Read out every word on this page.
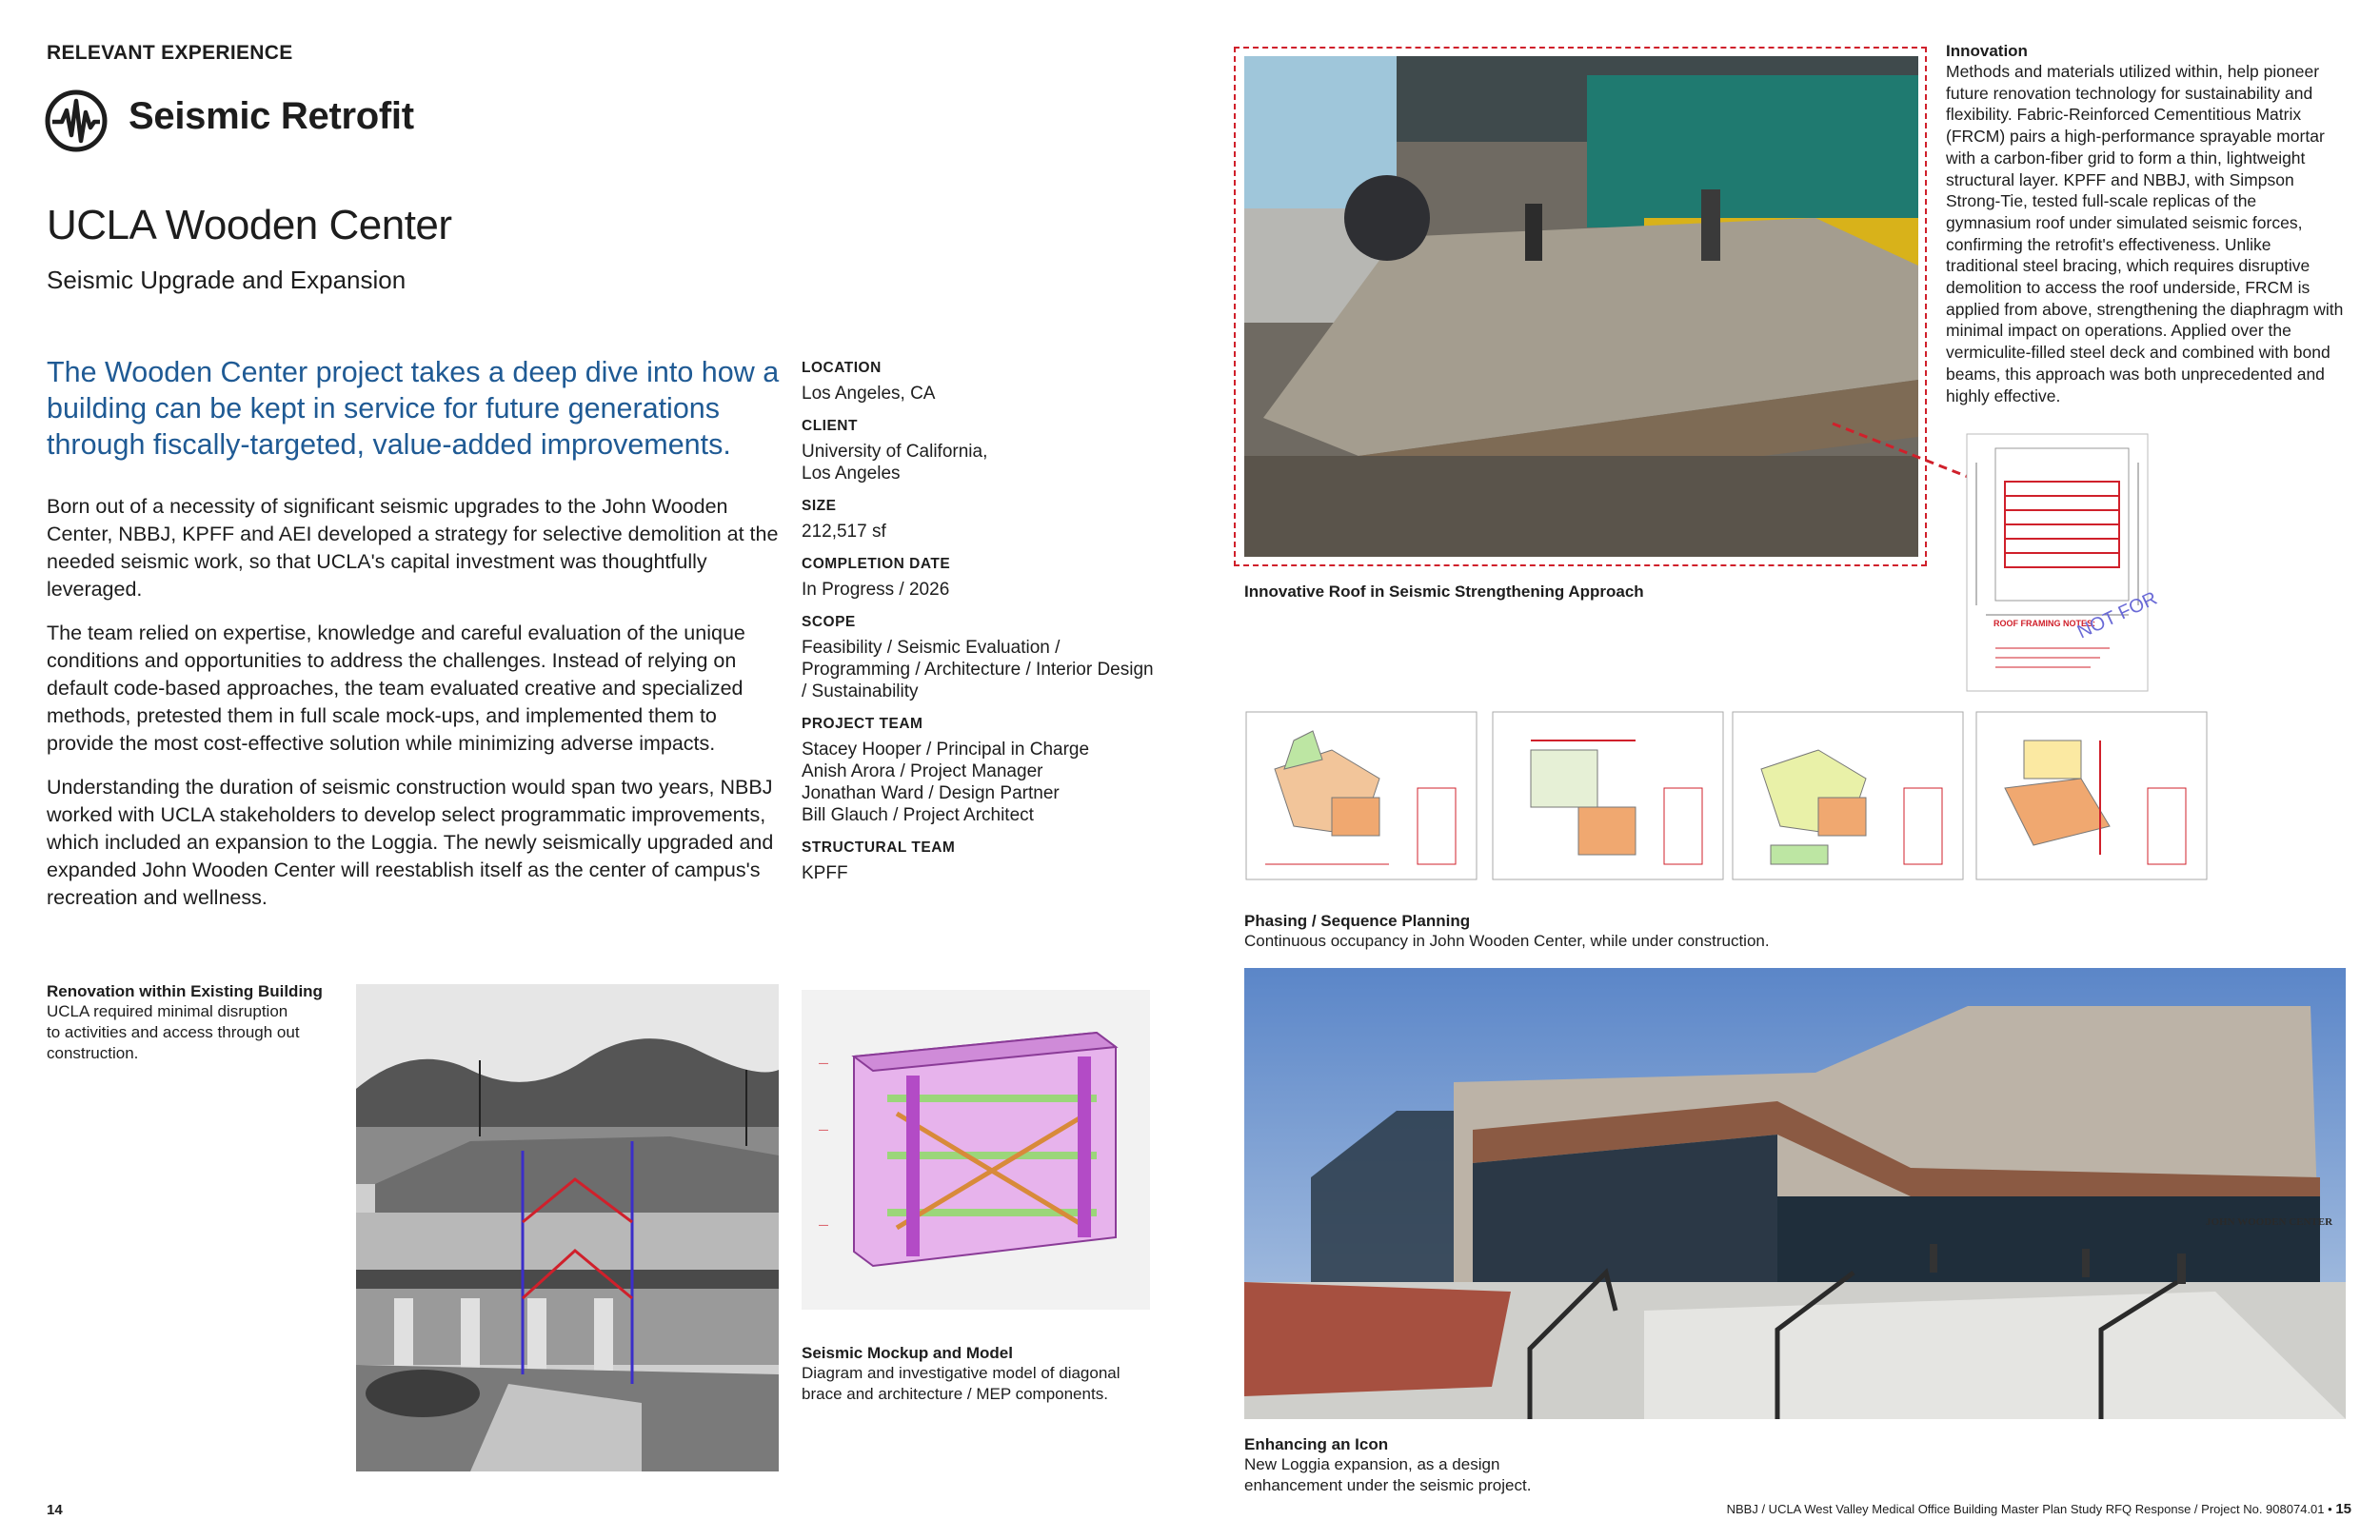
RELEVANT EXPERIENCE
Seismic Retrofit
UCLA Wooden Center
Seismic Upgrade and Expansion
The Wooden Center project takes a deep dive into how a building can be kept in service for future generations through fiscally-targeted, value-added improvements.

Born out of a necessity of significant seismic upgrades to the John Wooden Center, NBBJ, KPFF and AEI developed a strategy for selective demolition at the needed seismic work, so that UCLA's capital investment was thoughtfully leveraged.

The team relied on expertise, knowledge and careful evaluation of the unique conditions and opportunities to address the challenges. Instead of relying on default code-based approaches, the team evaluated creative and specialized methods, pretested them in full scale mock-ups, and implemented them to provide the most cost-effective solution while minimizing adverse impacts.

Understanding the duration of seismic construction would span two years, NBBJ worked with UCLA stakeholders to develop select programmatic improvements, which included an expansion to the Loggia. The newly seismically upgraded and expanded John Wooden Center will reestablish itself as the center of campus's recreation and wellness.

LOCATION
Los Angeles, CA
CLIENT
University of California,
Los Angeles
SIZE
212,517 sf
COMPLETION DATE
In Progress / 2026
SCOPE
Feasibility / Seismic Evaluation /
Programming / Architecture / Interior Design
/ Sustainability
PROJECT TEAM
Stacey Hooper / Principal in Charge
Anish Arora / Project Manager
Jonathan Ward / Design Partner
Bill Glauch / Project Architect
STRUCTURAL TEAM
KPFF
Renovation within Existing Building
UCLA required minimal disruption
to activities and access through out
construction.
—
—
—
Seismic Mockup and Model
Diagram and investigative model of diagonal
brace and architecture / MEP components.
Innovative Roof in Seismic Strengthening Approach
Innovation
Methods and materials utilized within, help pioneer future renovation technology for sustainability and flexibility. Fabric-Reinforced Cementitious Matrix (FRCM) pairs a high-performance sprayable mortar with a carbon-fiber grid to form a thin, lightweight structural layer. KPFF and NBBJ, with Simpson Strong-Tie, tested full-scale replicas of the gymnasium roof under simulated seismic forces, confirming the retrofit's effectiveness. Unlike traditional steel bracing, which requires disruptive demolition to access the roof underside, FRCM is applied from above, strengthening the diaphragm with minimal impact on operations. Applied over the vermiculite-filled steel deck and combined with bond beams, this approach was both unprecedented and highly effective.
ROOF FRAMING NOTES:
NOT FOR
Phasing / Sequence Planning
Continuous occupancy in John Wooden Center, while under construction.
JOHN WOODEN CENTER
Enhancing an Icon
New Loggia expansion, as a design
enhancement under the seismic project.
14	NBBJ / UCLA West Valley Medical Office Building Master Plan Study RFQ Response / Project No. 908074.01 • 15
